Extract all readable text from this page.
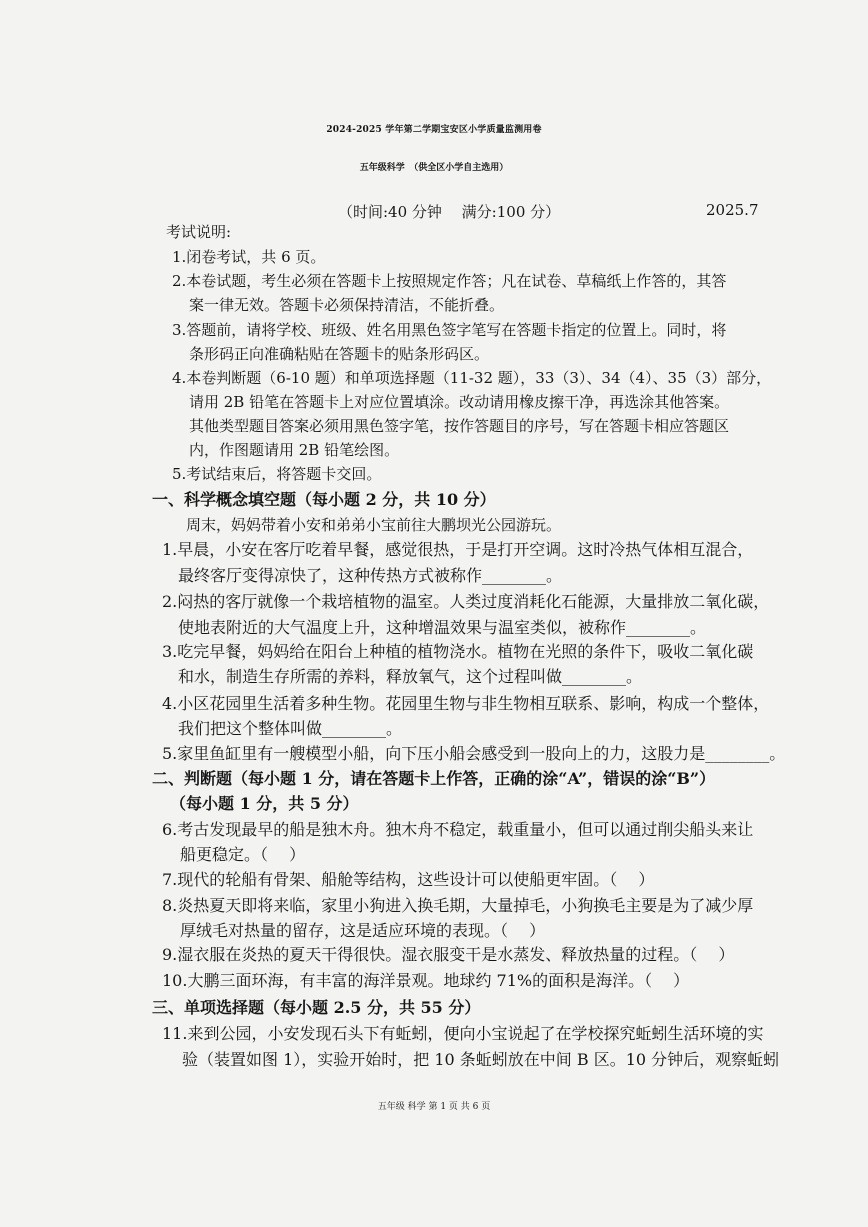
2024-2025 学年第二学期宝安区小学质量监测用卷
五年级科学　（供全区小学自主选用）
（时间:40 分钟　 满分:100 分）	2025.7
考试说明:
1.闭卷考试，共 6 页。
2.本卷试题，考生必须在答题卡上按照规定作答；凡在试卷、草稿纸上作答的，其答
案一律无效。答题卡必须保持清洁，不能折叠。
3.答题前，请将学校、班级、姓名用黑色签字笔写在答题卡指定的位置上。同时，将
条形码正向准确粘贴在答题卡的贴条形码区。
4.本卷判断题（6-10 题）和单项选择题（11-32 题），33（3）、34（4）、35（3）部分，
请用 2B 铅笔在答题卡上对应位置填涂。改动请用橡皮擦干净，再选涂其他答案。
其他类型题目答案必须用黑色签字笔，按作答题目的序号，写在答题卡相应答题区
内，作图题请用 2B 铅笔绘图。
5.考试结束后，将答题卡交回。
一、科学概念填空题（每小题 2 分，共 10 分）
周末，妈妈带着小安和弟弟小宝前往大鹏坝光公园游玩。
1.早晨，小安在客厅吃着早餐，感觉很热，于是打开空调。这时冷热气体相互混合，
最终客厅变得凉快了，这种传热方式被称作________。
2.闷热的客厅就像一个栽培植物的温室。人类过度消耗化石能源，大量排放二氧化碳，
使地表附近的大气温度上升，这种增温效果与温室类似，被称作________。
3.吃完早餐，妈妈给在阳台上种植的植物浇水。植物在光照的条件下，吸收二氧化碳
和水，制造生存所需的养料，释放氧气，这个过程叫做________。
4.小区花园里生活着多种生物。花园里生物与非生物相互联系、影响，构成一个整体，
我们把这个整体叫做________。
5.家里鱼缸里有一艘模型小船，向下压小船会感受到一股向上的力，这股力是________。
二、判断题（每小题 1 分，请在答题卡上作答，正确的涂“A”，错误的涂“B”）
（每小题 1 分，共 5 分）
6.考古发现最早的船是独木舟。独木舟不稳定，载重量小，但可以通过削尖船头来让
船更稳定。（　 ）
7.现代的轮船有骨架、船舱等结构，这些设计可以使船更牢固。（　 ）
8.炎热夏天即将来临，家里小狗进入换毛期，大量掉毛，小狗换毛主要是为了减少厚
厚绒毛对热量的留存，这是适应环境的表现。（　 ）
9.湿衣服在炎热的夏天干得很快。湿衣服变干是水蒸发、释放热量的过程。（　 ）
10.大鹏三面环海，有丰富的海洋景观。地球约 71%的面积是海洋。（　 ）
三、单项选择题（每小题 2.5 分，共 55 分）
11.来到公园，小安发现石头下有蚯蚓，便向小宝说起了在学校探究蚯蚓生活环境的实
验（装置如图 1），实验开始时，把 10 条蚯蚓放在中间 B 区。10 分钟后，观察蚯蚓
五年级 科学 第 1 页 共 6 页
